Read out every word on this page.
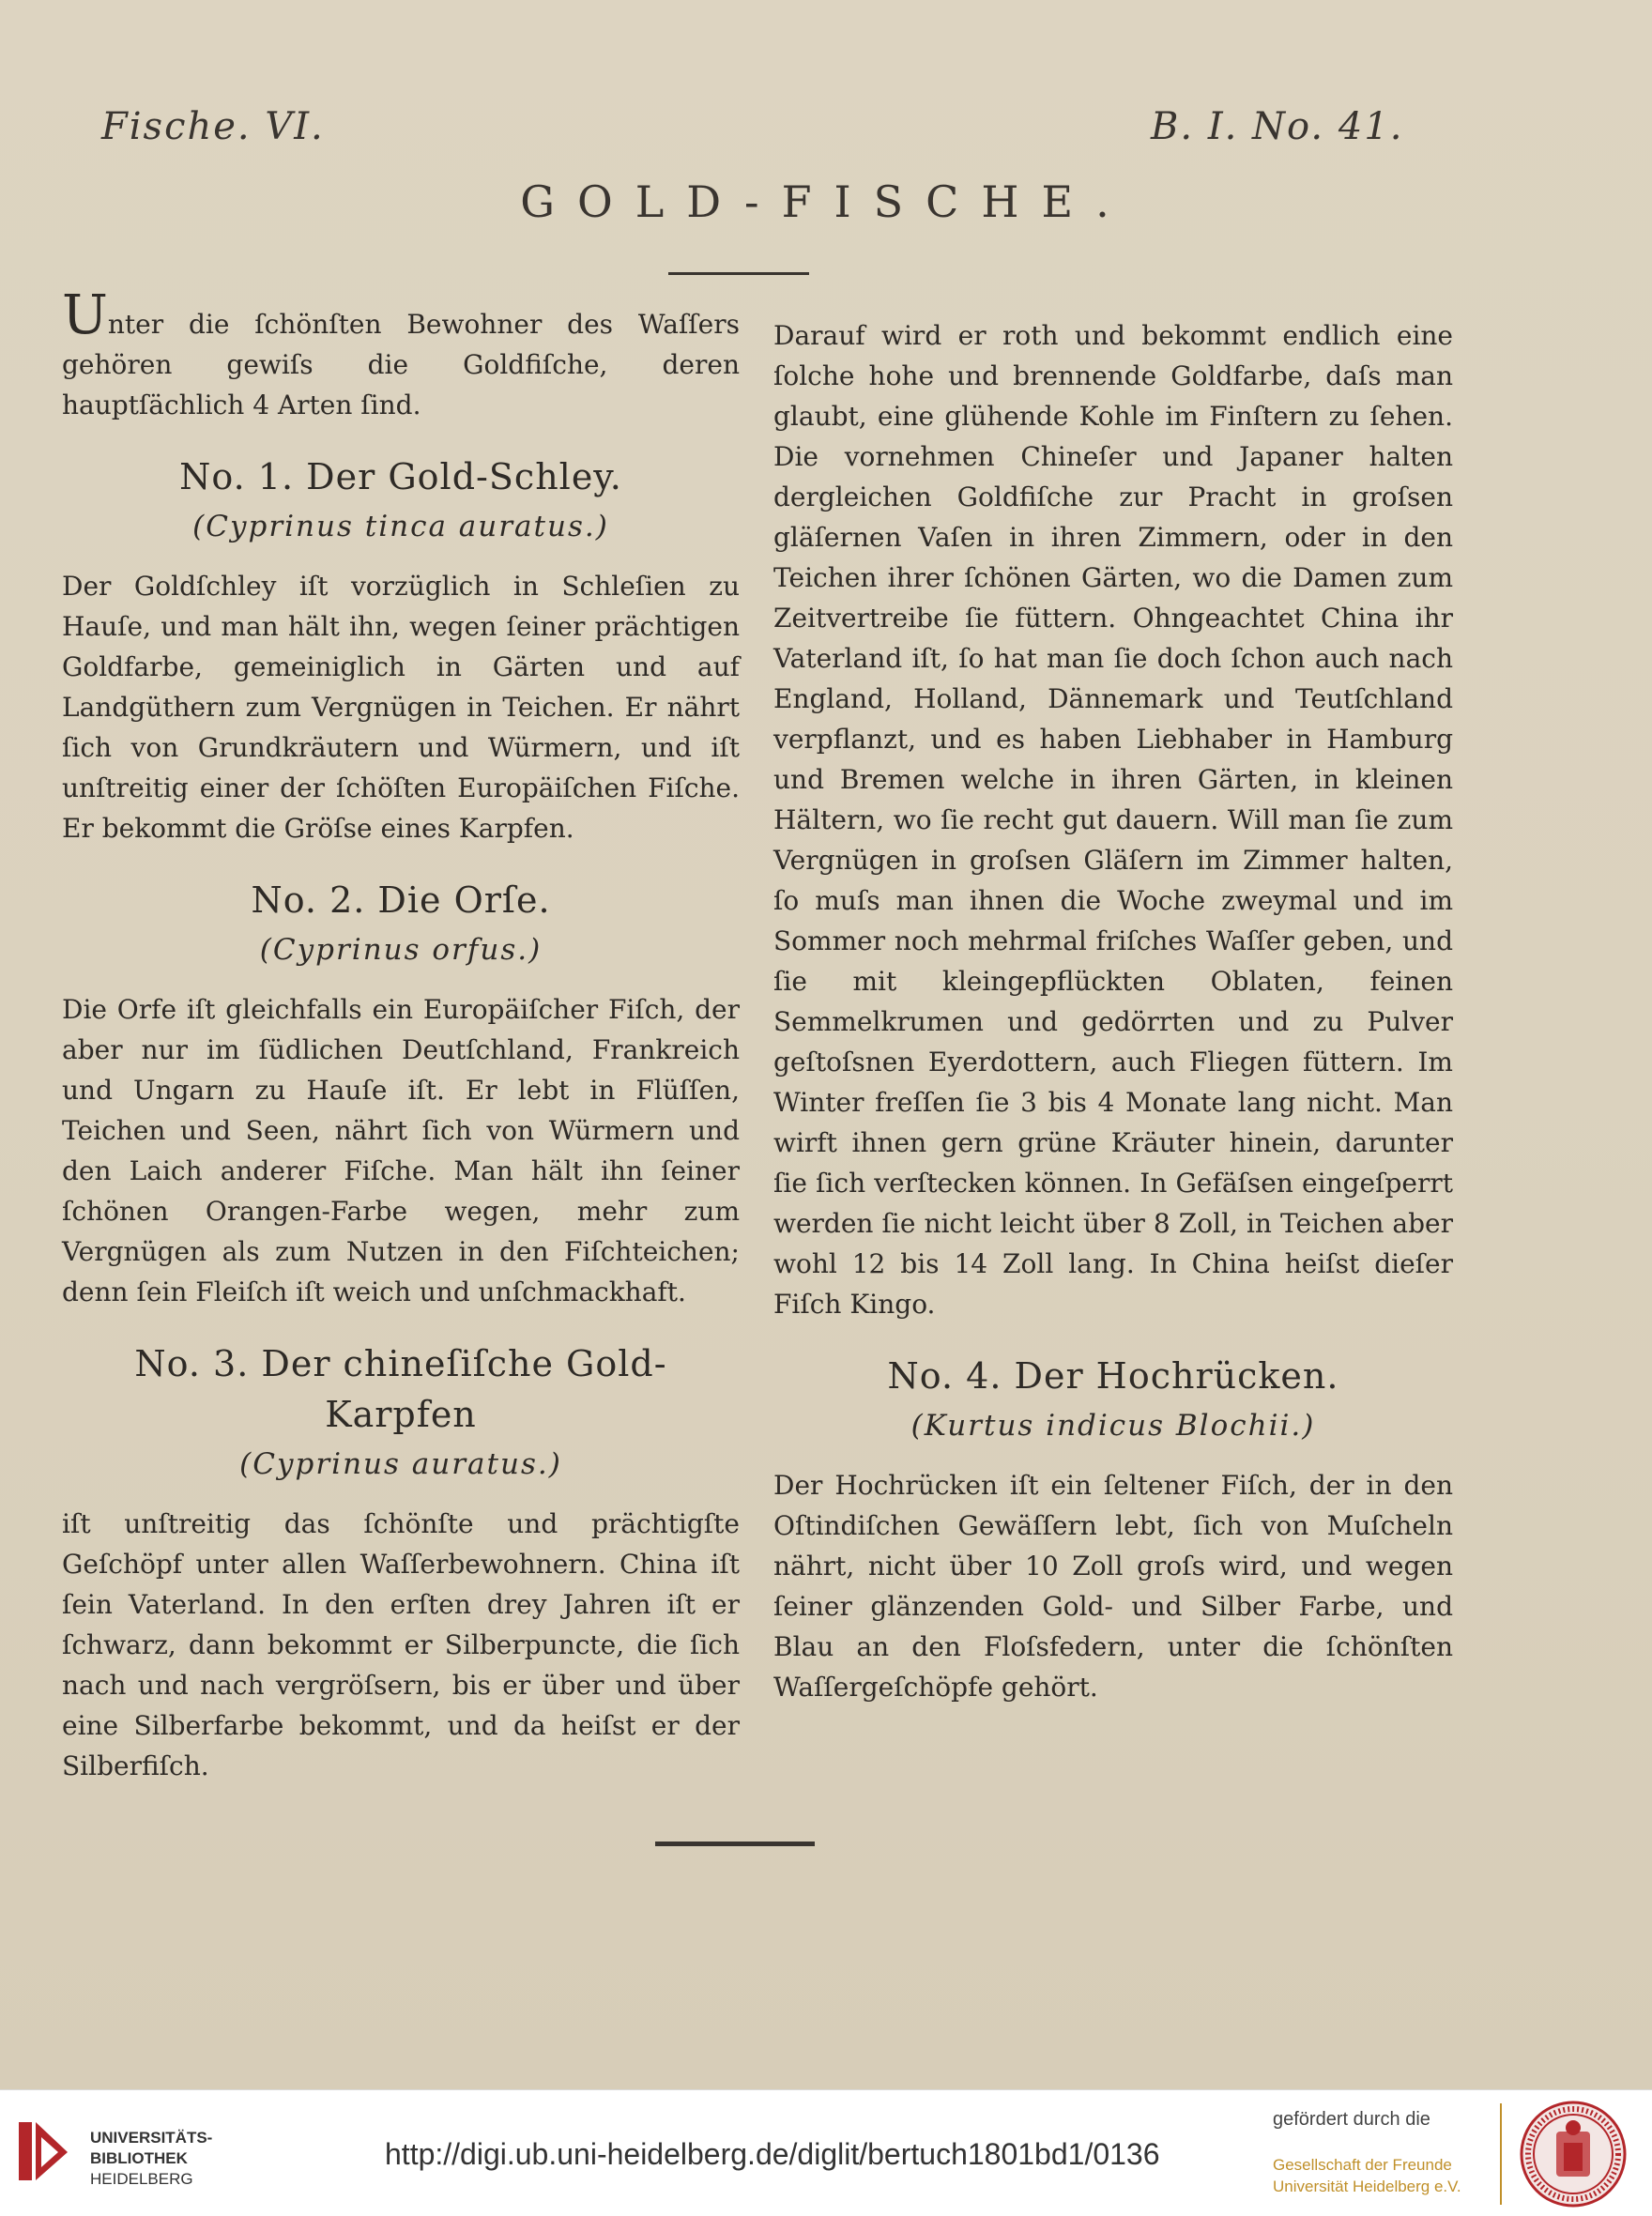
Fische. VI.	B. I. No. 41.
GOLD-FISCHE.

Unter die ſchönſten Bewohner des Waſſers gehören gewiſs die Goldfiſche, deren hauptſächlich 4 Arten ſind.

No. 1. Der Gold-Schley.
(Cyprinus tinca auratus.)

Der Goldſchley iſt vorzüglich in Schleſien zu Hauſe, und man hält ihn, wegen ſeiner prächtigen Goldfarbe, gemeiniglich in Gärten und auf Landgüthern zum Vergnügen in Teichen. Er nährt ſich von Grundkräutern und Würmern, und iſt unſtreitig einer der ſchöſten Europäiſchen Fiſche. Er bekommt die Gröſse eines Karpfen.

No. 2. Die Orſe.
(Cyprinus orfus.)

Die Orfe iſt gleichfalls ein Europäiſcher Fiſch, der aber nur im ſüdlichen Deutſchland, Frankreich und Ungarn zu Hauſe iſt. Er lebt in Flüſſen, Teichen und Seen, nährt ſich von Würmern und den Laich anderer Fiſche. Man hält ihn ſeiner ſchönen Orangen-Farbe wegen, mehr zum Vergnügen als zum Nutzen in den Fiſchteichen; denn ſein Fleiſch iſt weich und unſchmackhaft.

No. 3. Der chineſiſche Gold-Karpfen
(Cyprinus auratus.)

iſt unſtreitig das ſchönſte und prächtigſte Geſchöpf unter allen Waſſerbewohnern. China iſt ſein Vaterland. In den erſten drey Jahren iſt er ſchwarz, dann bekommt er Silberpuncte, die ſich nach und nach vergröſsern, bis er über und über eine Silberfarbe bekommt, und da heiſst er der Silberfiſch.

Darauf wird er roth und bekommt endlich eine ſolche hohe und brennende Goldfarbe, daſs man glaubt, eine glühende Kohle im Finſtern zu ſehen. Die vornehmen Chineſer und Japaner halten dergleichen Goldfiſche zur Pracht in groſsen gläſernen Vaſen in ihren Zimmern, oder in den Teichen ihrer ſchönen Gärten, wo die Damen zum Zeitvertreibe ſie füttern. Ohngeachtet China ihr Vaterland iſt, ſo hat man ſie doch ſchon auch nach England, Holland, Dännemark und Teutſchland verpflanzt, und es haben Liebhaber in Hamburg und Bremen welche in ihren Gärten, in kleinen Hältern, wo ſie recht gut dauern. Will man ſie zum Vergnügen in groſsen Gläſern im Zimmer halten, ſo muſs man ihnen die Woche zweymal und im Sommer noch mehrmal friſches Waſſer geben, und ſie mit kleingepflückten Oblaten, feinen Semmelkrumen und gedörrten und zu Pulver geſtoſsnen Eyerdottern, auch Fliegen füttern. Im Winter freſſen ſie 3 bis 4 Monate lang nicht. Man wirft ihnen gern grüne Kräuter hinein, darunter ſie ſich verſtecken können. In Gefäſsen eingeſperrt werden ſie nicht leicht über 8 Zoll, in Teichen aber wohl 12 bis 14 Zoll lang. In China heiſst dieſer Fiſch Kingo.

No. 4. Der Hochrücken.
(Kurtus indicus Blochii.)

Der Hochrücken iſt ein ſeltener Fiſch, der in den Oſtindiſchen Gewäſſern lebt, ſich von Muſcheln nährt, nicht über 10 Zoll groſs wird, und wegen ſeiner glänzenden Gold- und Silber Farbe, und Blau an den Floſsfedern, unter die ſchönſten Waſſergeſchöpfe gehört.

UNIVERSITÄTS-
BIBLIOTHEK
HEIDELBERG
http://digi.ub.uni-heidelberg.de/diglit/bertuch1801bd1/0136
gefördert durch die
Gesellschaft der Freunde
Universität Heidelberg e.V.
